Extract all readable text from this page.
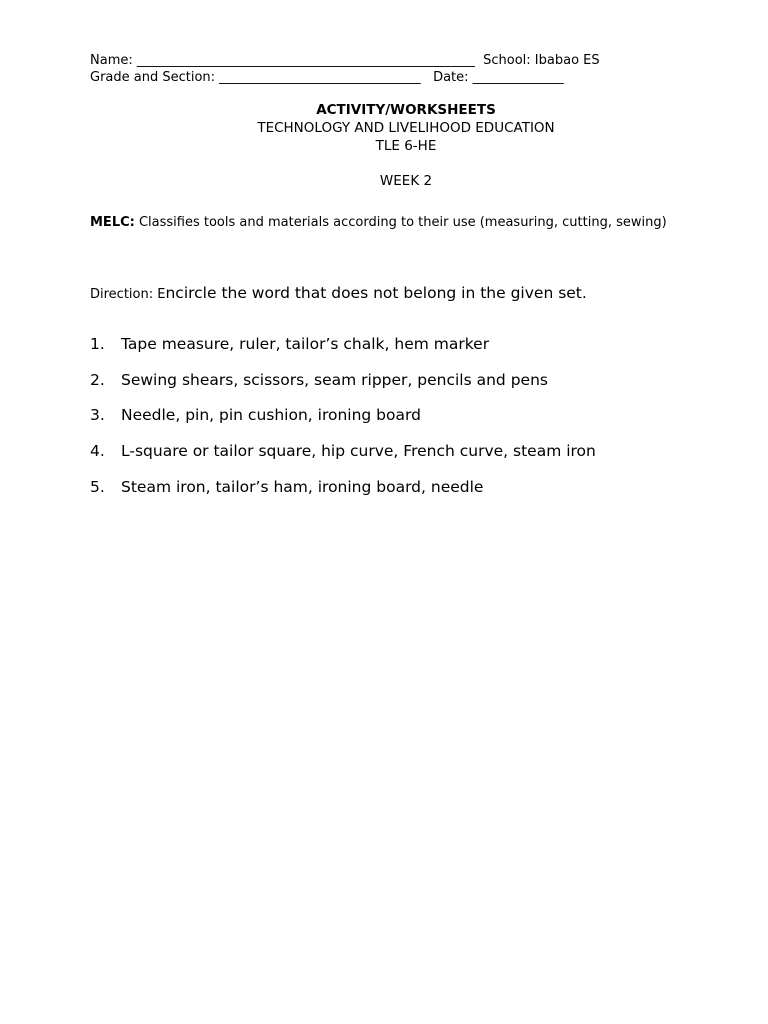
Name: ____________________________________________________  School: Ibabao ES
Grade and Section: _______________________________   Date: ______________
ACTIVITY/WORKSHEETS
TECHNOLOGY AND LIVELIHOOD EDUCATION
TLE 6-HE
WEEK 2
MELC: Classifies tools and materials according to their use (measuring, cutting, sewing)
Direction: Encircle the word that does not belong in the given set.
1. Tape measure, ruler, tailor’s chalk, hem marker
2. Sewing shears, scissors, seam ripper, pencils and pens
3. Needle, pin, pin cushion, ironing board
4. L-square or tailor square, hip curve, French curve, steam iron
5. Steam iron, tailor’s ham, ironing board, needle
